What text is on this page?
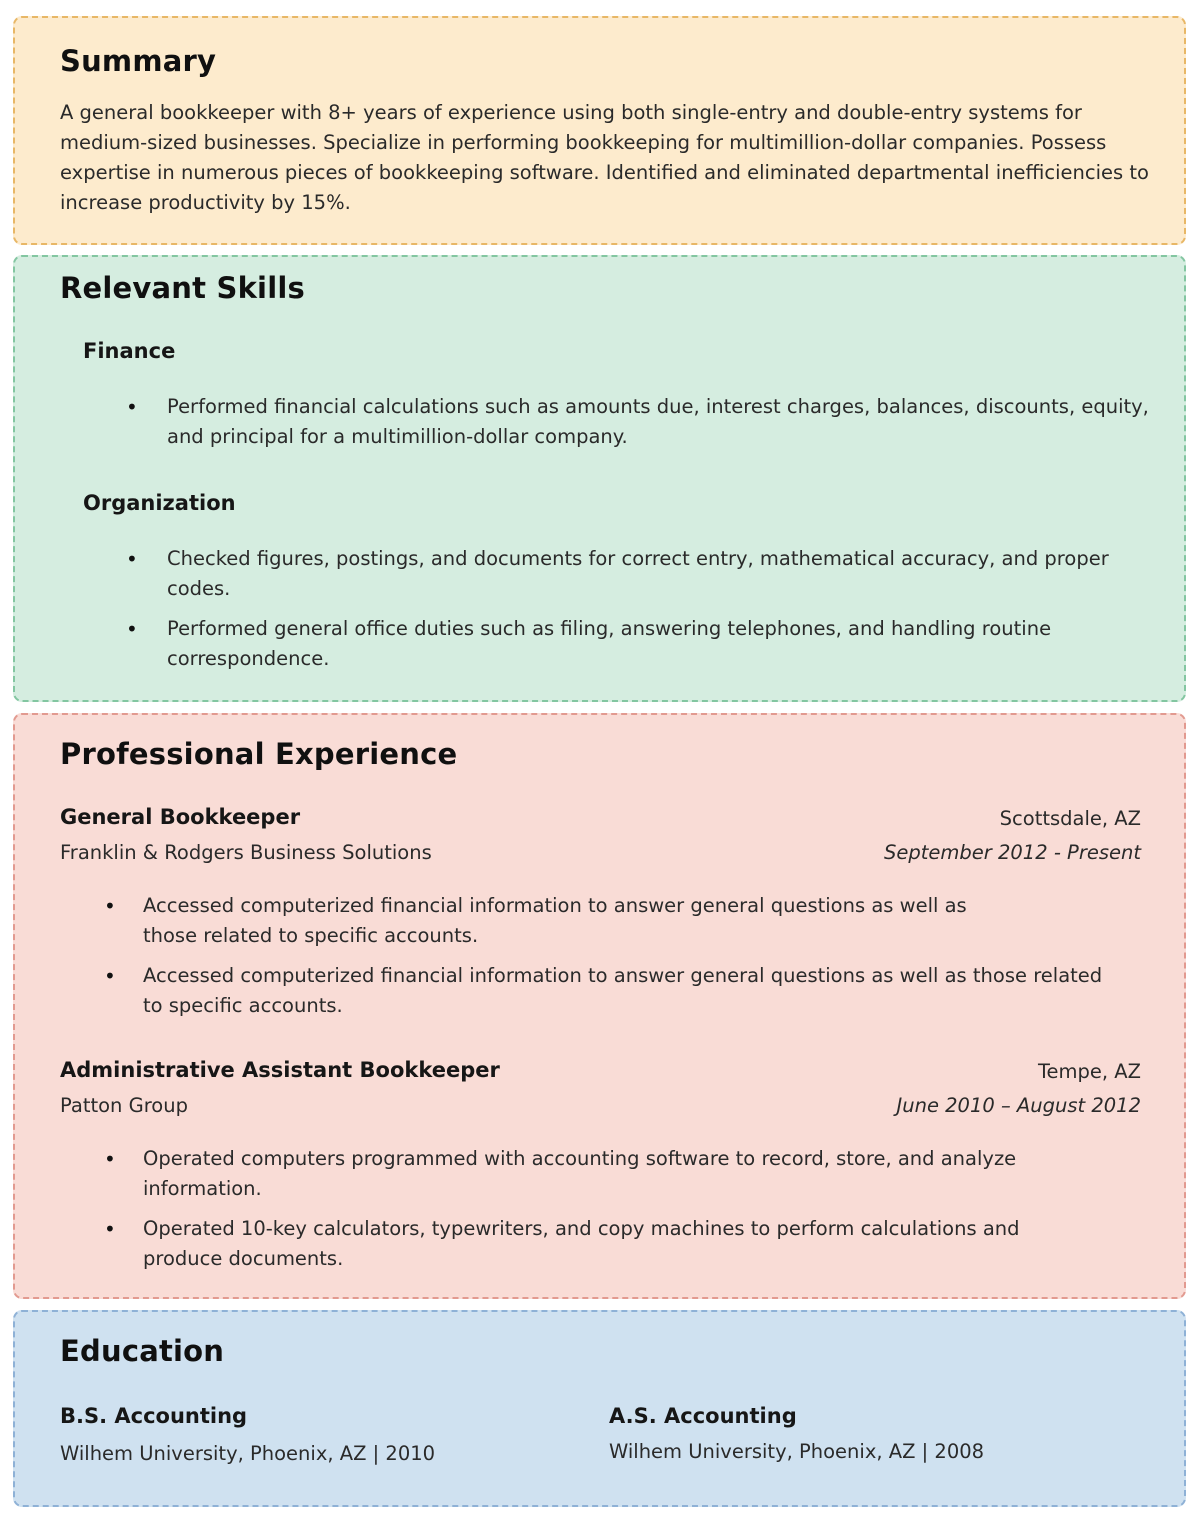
Summary

A general bookkeeper with 8+ years of experience using both single-entry and double-entry systems for medium-sized businesses. Specialize in performing bookkeeping for multimillion-dollar companies. Possess expertise in numerous pieces of bookkeeping software. Identified and eliminated departmental inefficiencies to increase productivity by 15%.

Relevant Skills
Finance
• Performed financial calculations such as amounts due, interest charges, balances, discounts, equity, and principal for a multimillion-dollar company.
Organization
• Checked figures, postings, and documents for correct entry, mathematical accuracy, and proper codes.
• Performed general office duties such as filing, answering telephones, and handling routine correspondence.
Professional Experience
General Bookkeeper	Scottsdale, AZ

Franklin & Rodgers Business Solutions	September 2012 - Present

• Accessed computerized financial information to answer general questions as well as those related to specific accounts.
• Accessed computerized financial information to answer general questions as well as those related to specific accounts.
Administrative Assistant Bookkeeper	Tempe, AZ

Patton Group	June 2010 – August 2012

• Operated computers programmed with accounting software to record, store, and analyze information.
• Operated 10-key calculators, typewriters, and copy machines to perform calculations and produce documents.
Education
B.S. Accounting

Wilhem University, Phoenix, AZ | 2010

A.S. Accounting

Wilhem University, Phoenix, AZ | 2008
